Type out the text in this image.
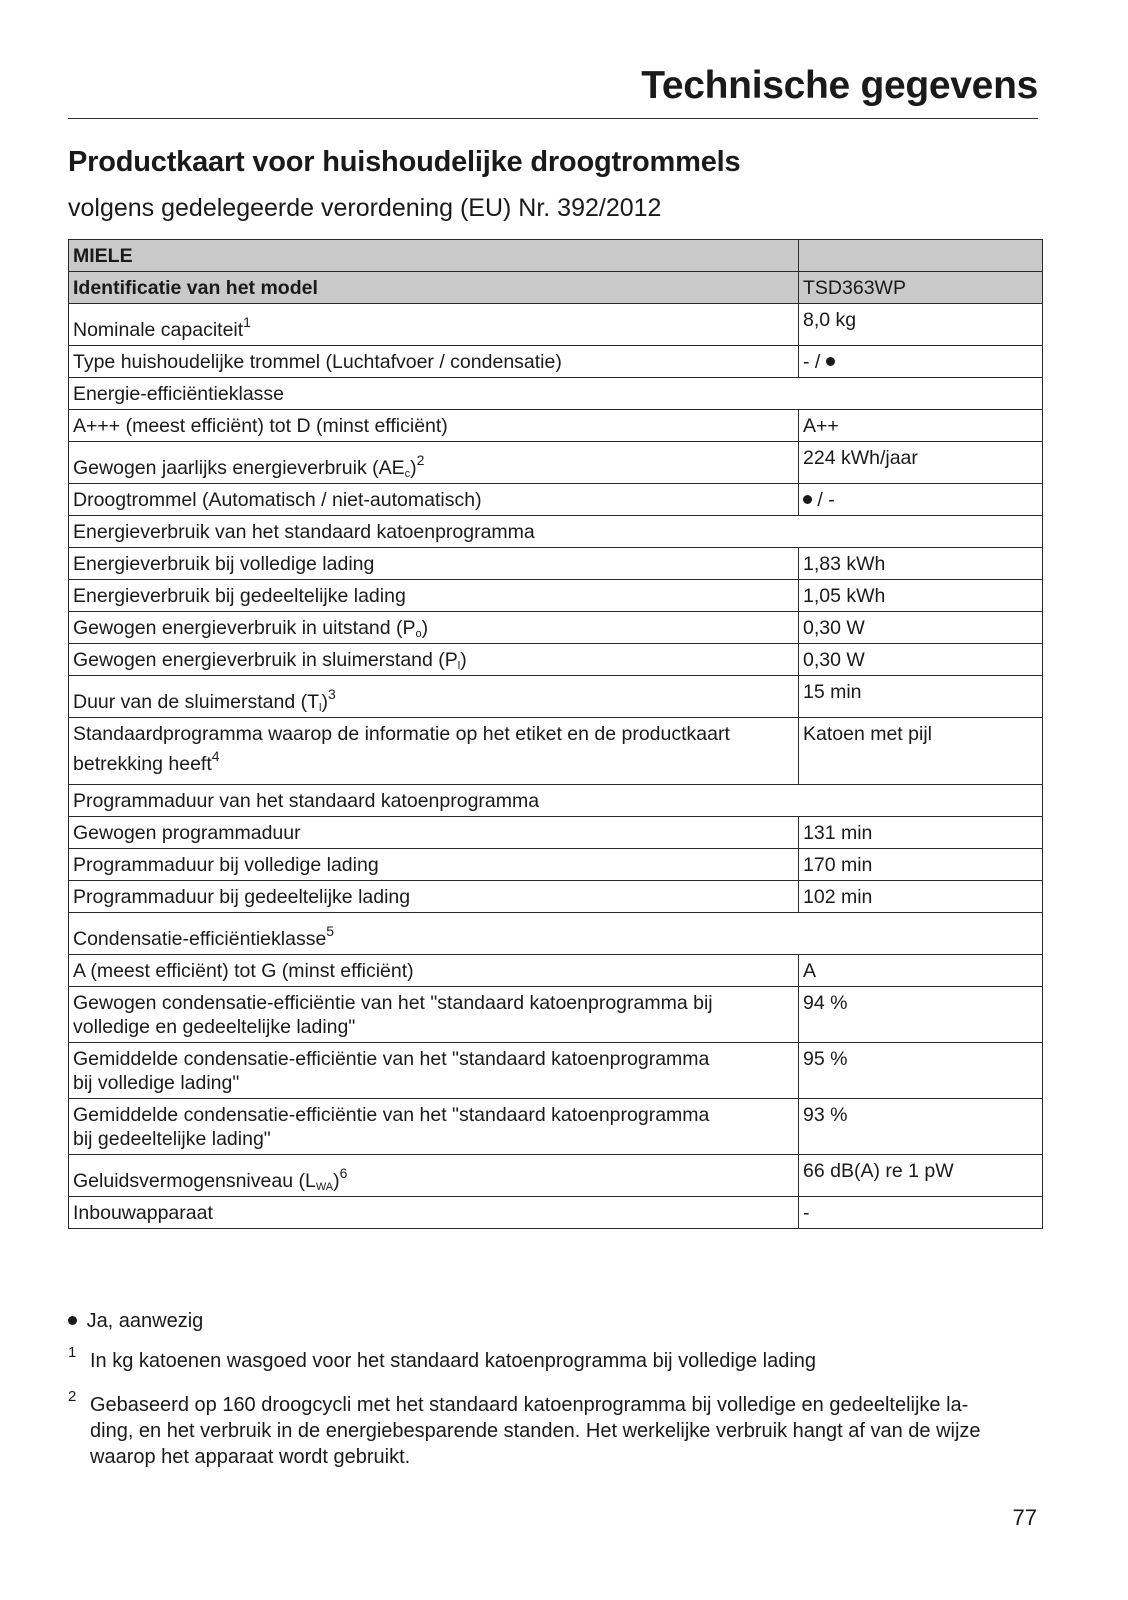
Technische gegevens
Productkaart voor huishoudelijke droogtrommels
volgens gedelegeerde verordening (EU) Nr. 392/2012
MIELE	
Identificatie van het model	TSD363WP
Nominale capaciteit$^1$	8,0 kg
Type huishoudelijke trommel (Luchtafvoer / condensatie)	- /
Energie-efficiëntieklasse	
A+++ (meest efficiënt) tot D (minst efficiënt)	A++
Gewogen jaarlijks energieverbruik $(AE_c)^2$	224 kWh/jaar
Droogtrommel (Automatisch / niet-automatisch)	/ -
Energieverbruik van het standaard katoenprogramma	
Energieverbruik bij volledige lading	1,83 kWh
Energieverbruik bij gedeeltelijke lading	1,05 kWh
Gewogen energieverbruik in uitstand $(P_o)$	0,30 W
Gewogen energieverbruik in sluimerstand $(P_l)$	0,30 W
Duur van de sluimerstand $(T_l)^3$	15 min
Standaardprogramma waarop de informatie op het etiket en de productkaart
betrekking heeft$^4$	Katoen met pijl
Programmaduur van het standaard katoenprogramma	
Gewogen programmaduur	131 min
Programmaduur bij volledige lading	170 min
Programmaduur bij gedeeltelijke lading	102 min
Condensatie-efficiëntieklasse$^5$
A (meest efficiënt) tot G (minst efficiënt)	A
Gewogen condensatie-efficiëntie van het "standaard katoenprogramma bij
volledige en gedeeltelijke lading"	94 %
Gemiddelde condensatie-efficiëntie van het "standaard katoenprogramma
bij volledige lading"	95 %
Gemiddelde condensatie-efficiëntie van het "standaard katoenprogramma
bij gedeeltelijke lading"	93 %
Geluidsvermogensniveau $(L_{WA})^6$	66 dB(A) re 1 pW
Inbouwapparaat	-
Ja, aanwezig
1 In kg katoenen wasgoed voor het standaard katoenprogramma bij volledige lading
2 Gebaseerd op 160 droogcycli met het standaard katoenprogramma bij volledige en gedeeltelijke la-
ding, en het verbruik in de energiebesparende standen. Het werkelijke verbruik hangt af van de wijze
waarop het apparaat wordt gebruikt.
77
